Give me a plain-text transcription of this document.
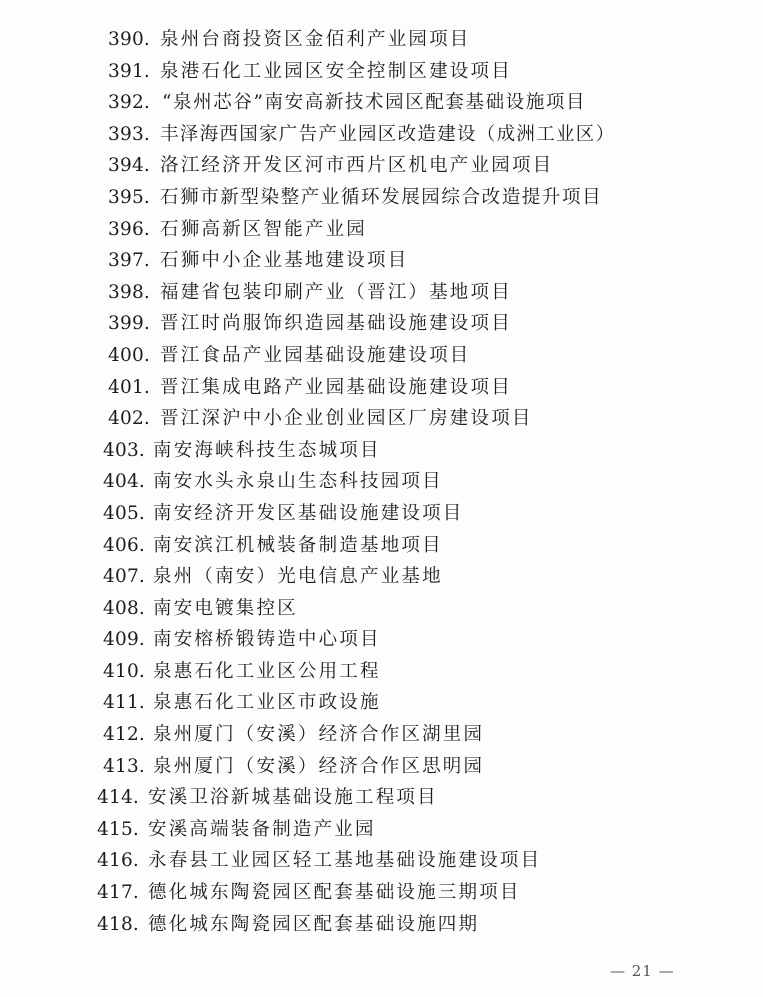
390. 泉州台商投资区金佰利产业园项目
391. 泉港石化工业园区安全控制区建设项目
392. “泉州芯谷”南安高新技术园区配套基础设施项目
393. 丰泽海西国家广告产业园区改造建设（成洲工业区）
394. 洛江经济开发区河市西片区机电产业园项目
395. 石狮市新型染整产业循环发展园综合改造提升项目
396. 石狮高新区智能产业园
397. 石狮中小企业基地建设项目
398. 福建省包装印刷产业（晋江）基地项目
399. 晋江时尚服饰织造园基础设施建设项目
400. 晋江食品产业园基础设施建设项目
401. 晋江集成电路产业园基础设施建设项目
402. 晋江深沪中小企业创业园区厂房建设项目
403. 南安海峡科技生态城项目
404. 南安水头永泉山生态科技园项目
405. 南安经济开发区基础设施建设项目
406. 南安滨江机械装备制造基地项目
407. 泉州（南安）光电信息产业基地
408. 南安电镀集控区
409. 南安榕桥锻铸造中心项目
410. 泉惠石化工业区公用工程
411. 泉惠石化工业区市政设施
412. 泉州厦门（安溪）经济合作区湖里园
413. 泉州厦门（安溪）经济合作区思明园
414. 安溪卫浴新城基础设施工程项目
415. 安溪高端装备制造产业园
416. 永春县工业园区轻工基地基础设施建设项目
417. 德化城东陶瓷园区配套基础设施三期项目
418. 德化城东陶瓷园区配套基础设施四期
— 21 —
